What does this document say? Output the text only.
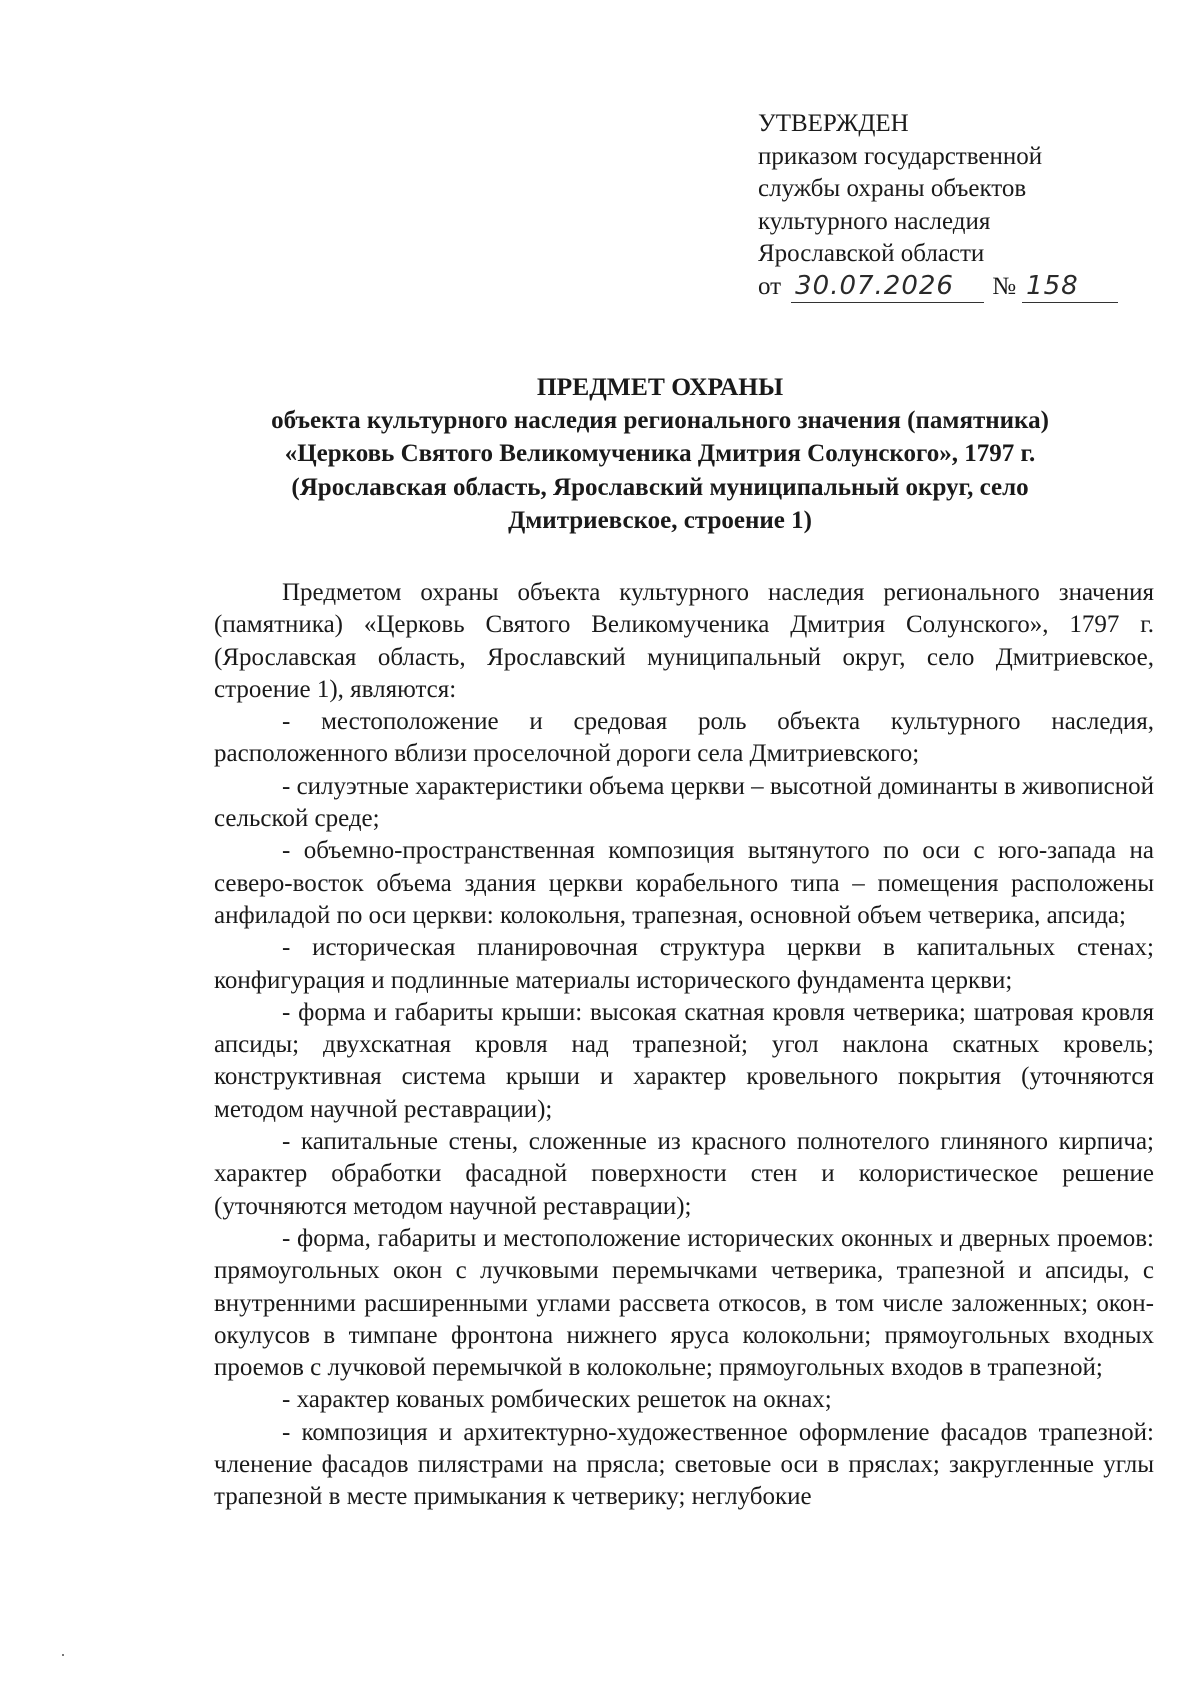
УТВЕРЖДЕН
приказом государственной
службы охраны объектов
культурного наследия
Ярославской области
от 30.07.2026	№ 158
ПРЕДМЕТ ОХРАНЫ
объекта культурного наследия регионального значения (памятника)
«Церковь Святого Великомученика Дмитрия Солунского», 1797 г.
(Ярославская область, Ярославский муниципальный округ, село
Дмитриевское, строение 1)

Предметом охраны объекта культурного наследия регионального значения (памятника) «Церковь Святого Великомученика Дмитрия Солунского», 1797 г. (Ярославская область, Ярославский муниципальный округ, село Дмитриевское, строение 1), являются:

- местоположение и средовая роль объекта культурного наследия, расположенного вблизи проселочной дороги села Дмитриевского;

- силуэтные характеристики объема церкви – высотной доминанты в живописной сельской среде;

- объемно-пространственная композиция вытянутого по оси с юго-запада на северо-восток объема здания церкви корабельного типа – помещения расположены анфиладой по оси церкви: колокольня, трапезная, основной объем четверика, апсида;

- историческая планировочная структура церкви в капитальных стенах; конфигурация и подлинные материалы исторического фундамента церкви;

- форма и габариты крыши: высокая скатная кровля четверика; шатровая кровля апсиды; двухскатная кровля над трапезной; угол наклона скатных кровель; конструктивная система крыши и характер кровельного покрытия (уточняются методом научной реставрации);

- капитальные стены, сложенные из красного полнотелого глиняного кирпича; характер обработки фасадной поверхности стен и колористическое решение (уточняются методом научной реставрации);

- форма, габариты и местоположение исторических оконных и дверных проемов: прямоугольных окон с лучковыми перемычками четверика, трапезной и апсиды, с внутренними расширенными углами рассвета откосов, в том числе заложенных; окон-окулусов в тимпане фронтона нижнего яруса колокольни; прямоугольных входных проемов с лучковой перемычкой в колокольне; прямоугольных входов в трапезной;

- характер кованых ромбических решеток на окнах;

- композиция и архитектурно-художественное оформление фасадов трапезной: членение фасадов пилястрами на прясла; световые оси в пряслах; закругленные углы трапезной в месте примыкания к четверику; неглубокие
